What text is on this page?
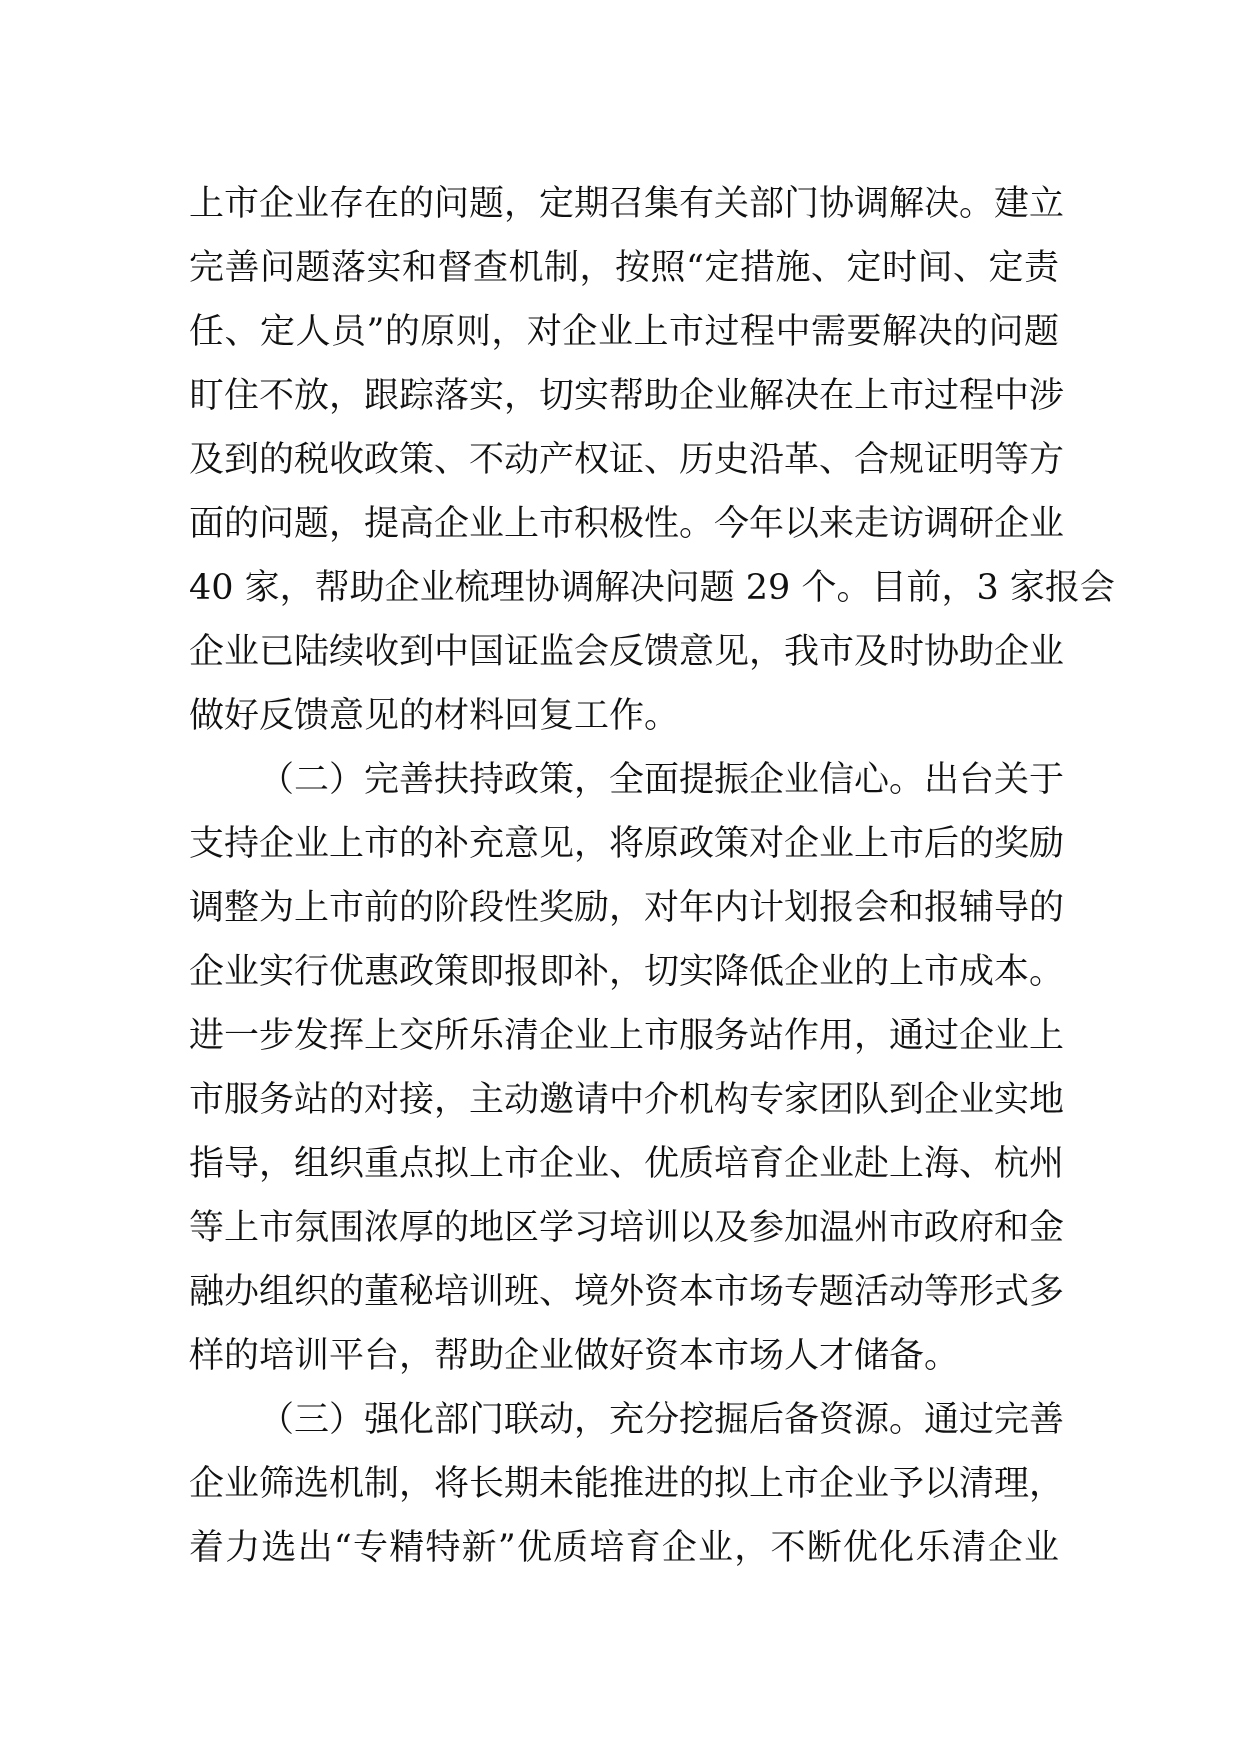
上市企业存在的问题，定期召集有关部门协调解决。建立
完善问题落实和督查机制，按照“定措施、定时间、定责
任、定人员”的原则，对企业上市过程中需要解决的问题
盯住不放，跟踪落实，切实帮助企业解决在上市过程中涉
及到的税收政策、不动产权证、历史沿革、合规证明等方
面的问题，提高企业上市积极性。今年以来走访调研企业
40 家，帮助企业梳理协调解决问题 29 个。目前，3 家报会
企业已陆续收到中国证监会反馈意见，我市及时协助企业
做好反馈意见的材料回复工作。
（二）完善扶持政策，全面提振企业信心。出台关于
支持企业上市的补充意见，将原政策对企业上市后的奖励
调整为上市前的阶段性奖励，对年内计划报会和报辅导的
企业实行优惠政策即报即补，切实降低企业的上市成本。
进一步发挥上交所乐清企业上市服务站作用，通过企业上
市服务站的对接，主动邀请中介机构专家团队到企业实地
指导，组织重点拟上市企业、优质培育企业赴上海、杭州
等上市氛围浓厚的地区学习培训以及参加温州市政府和金
融办组织的董秘培训班、境外资本市场专题活动等形式多
样的培训平台，帮助企业做好资本市场人才储备。
（三）强化部门联动，充分挖掘后备资源。通过完善
企业筛选机制，将长期未能推进的拟上市企业予以清理，
着力选出“专精特新”优质培育企业，不断优化乐清企业
